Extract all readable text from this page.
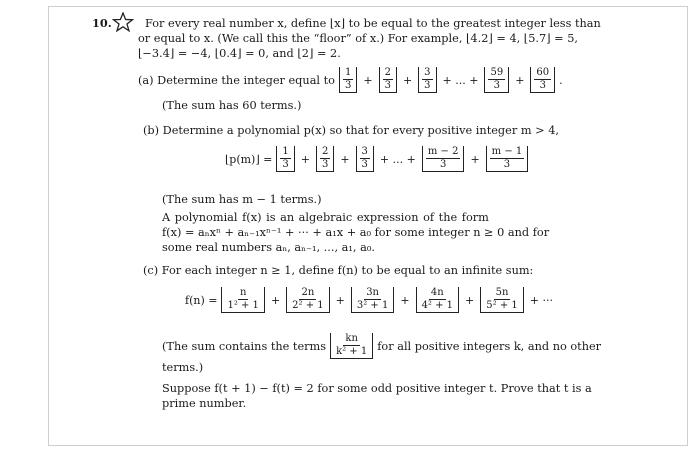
10.	For every real number x, define ⌊x⌋ to be equal to the greatest integer less than
or equal to x. (We call this the “floor” of x.) For example, ⌊4.2⌋ = 4, ⌊5.7⌋ = 5,
⌊−3.4⌋ = −4, ⌊0.4⌋ = 0, and ⌊2⌋ = 2.
(a) Determine the integer equal to $\frac{1}{3} + \frac{2}{3} + \frac{3}{3}$ + ... + $\frac{59}{3} + \frac{60}{3}$ .
(The sum has 60 terms.)
(b) Determine a polynomial p(x) so that for every positive integer m > 4,
⌊p(m)⌋ = $\frac{1}{3} + \frac{2}{3} + \frac{3}{3}$ + ... + $\frac{m - 2}{3} + \frac{m - 1}{3}$
(The sum has m − 1 terms.)
A polynomial f(x) is an algebraic expression of the form
f(x) = aₙxⁿ + aₙ₋₁xⁿ⁻¹ + ··· + a₁x + a₀ for some integer n ≥ 0 and for
some real numbers aₙ, aₙ₋₁, ..., a₁, a₀.
(c) For each integer n ≥ 1, define f(n) to be equal to an infinite sum:
$f(n) = \frac{n}{\text{1² + 1}} + \frac{2n}{\text{2² + 1}} + \frac{3n}{\text{3² + 1}} + \frac{4n}{\text{4² + 1}} + \frac{5n}{\text{5² + 1}}$ + ···
(The sum contains the terms $\frac{kn}{\text{k² + 1}}$ for all positive integers k, and no other
terms.)
Suppose f(t + 1) − f(t) = 2 for some odd positive integer t. Prove that t is a
prime number.
